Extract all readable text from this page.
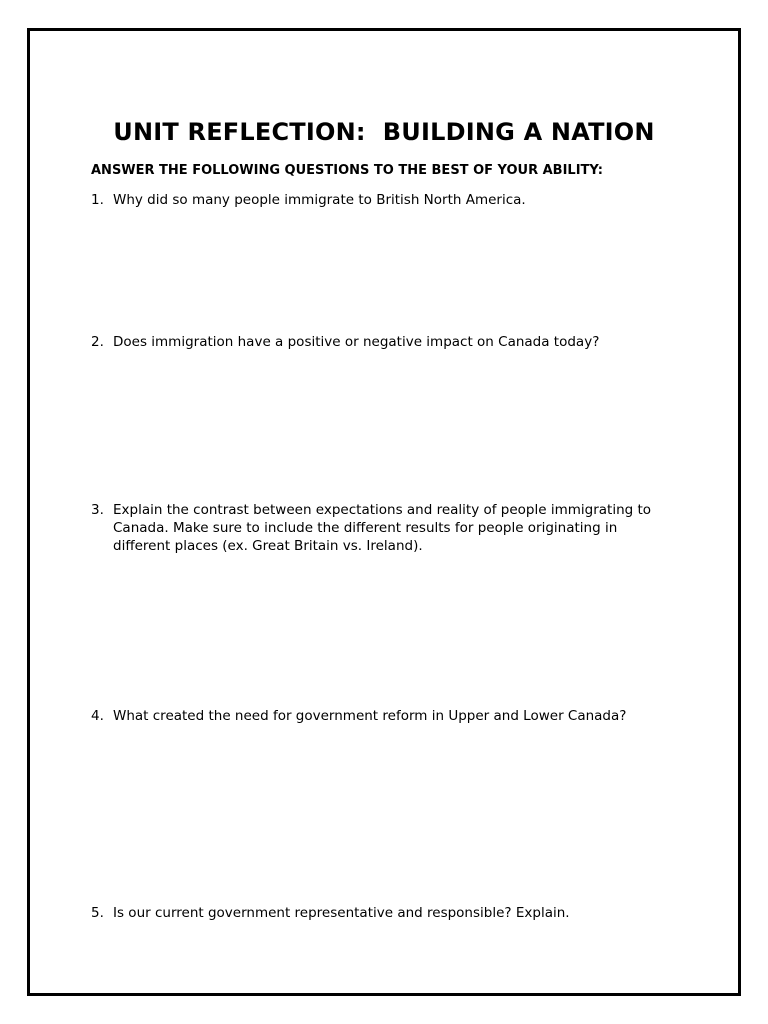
UNIT REFLECTION:  BUILDING A NATION
ANSWER THE FOLLOWING QUESTIONS TO THE BEST OF YOUR ABILITY:
1. Why did so many people immigrate to British North America.
2. Does immigration have a positive or negative impact on Canada today?
3. Explain the contrast between expectations and reality of people immigrating to Canada. Make sure to include the different results for people originating in different places (ex. Great Britain vs. Ireland).
4. What created the need for government reform in Upper and Lower Canada?
5. Is our current government representative and responsible? Explain.
